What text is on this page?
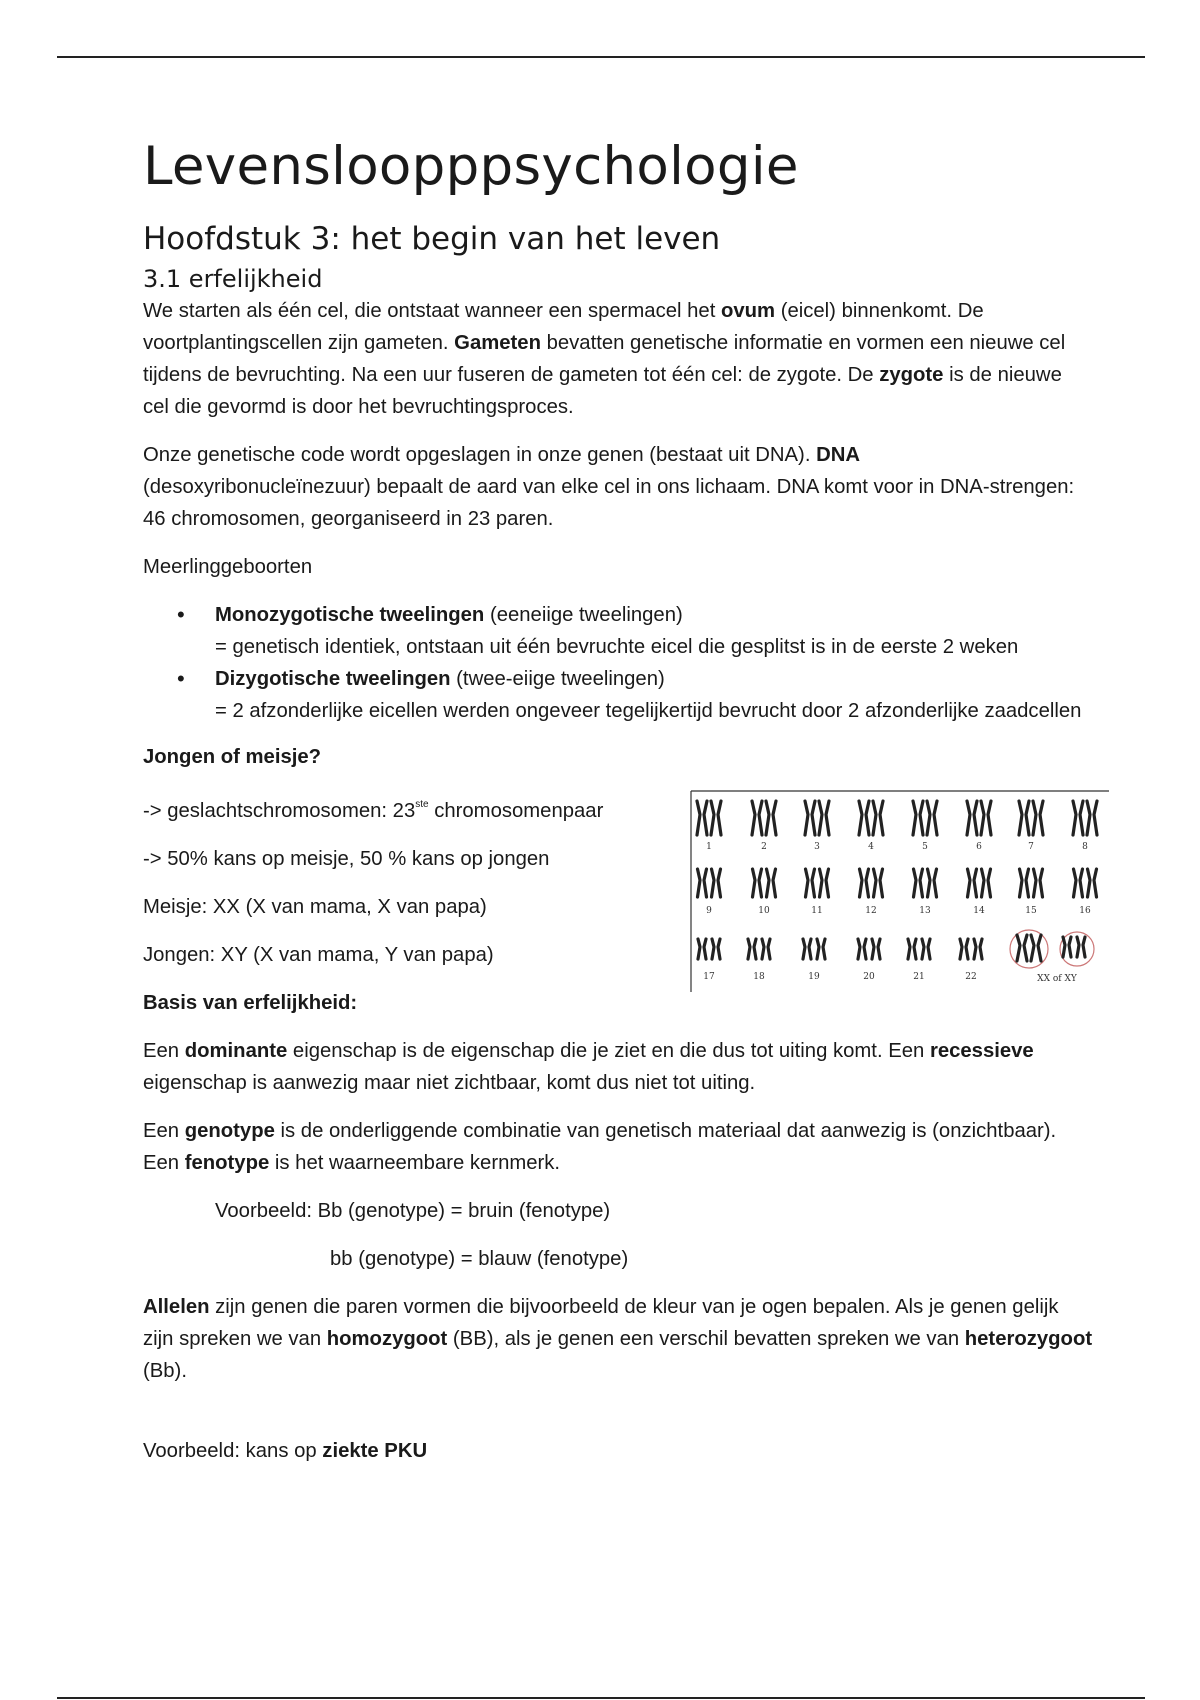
Levensloopppsychologie
Hoofdstuk 3: het begin van het leven
3.1 erfelijkheid

We starten als één cel, die ontstaat wanneer een spermacel het ovum (eicel) binnenkomt. De voortplantingscellen zijn gameten. Gameten bevatten genetische informatie en vormen een nieuwe cel tijdens de bevruchting. Na een uur fuseren de gameten tot één cel: de zygote. De zygote is de nieuwe cel die gevormd is door het bevruchtingsproces.

Onze genetische code wordt opgeslagen in onze genen (bestaat uit DNA). DNA (desoxyribonucleïnezuur) bepaalt de aard van elke cel in ons lichaam. DNA komt voor in DNA-strengen: 46 chromosomen, georganiseerd in 23 paren.

Meerlinggeboorten

• Monozygotische tweelingen (eeneiige tweelingen)
= genetisch identiek, ontstaan uit één bevruchte eicel die gesplitst is in de eerste 2 weken
• Dizygotische tweelingen (twee-eiige tweelingen)
= 2 afzonderlijke eicellen werden ongeveer tegelijkertijd bevrucht door 2 afzonderlijke zaadcellen

Jongen of meisje?

1	2	3	4	5	6	7	8
9	10	11	12	13	14	15	16
17	18	19	20	21	22	XX of XY

-> geslachtschromosomen: 23ste chromosomenpaar

-> 50% kans op meisje, 50 % kans op jongen

Meisje: XX (X van mama, X van papa)

Jongen: XY (X van mama, Y van papa)

Basis van erfelijkheid:

Een dominante eigenschap is de eigenschap die je ziet en die dus tot uiting komt. Een recessieve eigenschap is aanwezig maar niet zichtbaar, komt dus niet tot uiting.

Een genotype is de onderliggende combinatie van genetisch materiaal dat aanwezig is (onzichtbaar). Een fenotype is het waarneembare kernmerk.

Voorbeeld: Bb (genotype) = bruin (fenotype)

bb (genotype) = blauw (fenotype)

Allelen zijn genen die paren vormen die bijvoorbeeld de kleur van je ogen bepalen. Als je genen gelijk zijn spreken we van homozygoot (BB), als je genen een verschil bevatten spreken we van heterozygoot (Bb).

Voorbeeld: kans op ziekte PKU
